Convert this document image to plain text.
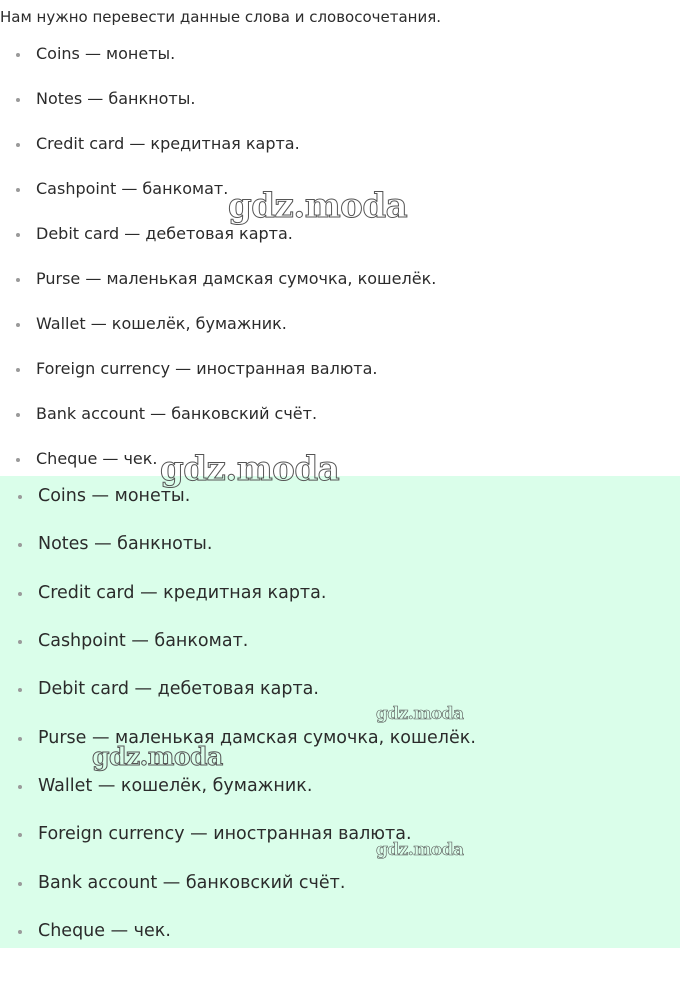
Нам нужно перевести данные слова и словосочетания.
Coins — монеты.
Notes — банкноты.
Credit card — кредитная карта.
Cashpoint — банкомат.
Debit card — дебетовая карта.
Purse — маленькая дамская сумочка, кошелёк.
Wallet — кошелёк, бумажник.
Foreign currency — иностранная валюта.
Bank account — банковский счёт.
Cheque — чек.
Coins — монеты.
Notes — банкноты.
Credit card — кредитная карта.
Cashpoint — банкомат.
Debit card — дебетовая карта.
Purse — маленькая дамская сумочка, кошелёк.
Wallet — кошелёк, бумажник.
Foreign currency — иностранная валюта.
Bank account — банковский счёт.
Cheque — чек.
gdz.moda
gdz.moda
gdz.moda
gdz.moda
gdz.moda
